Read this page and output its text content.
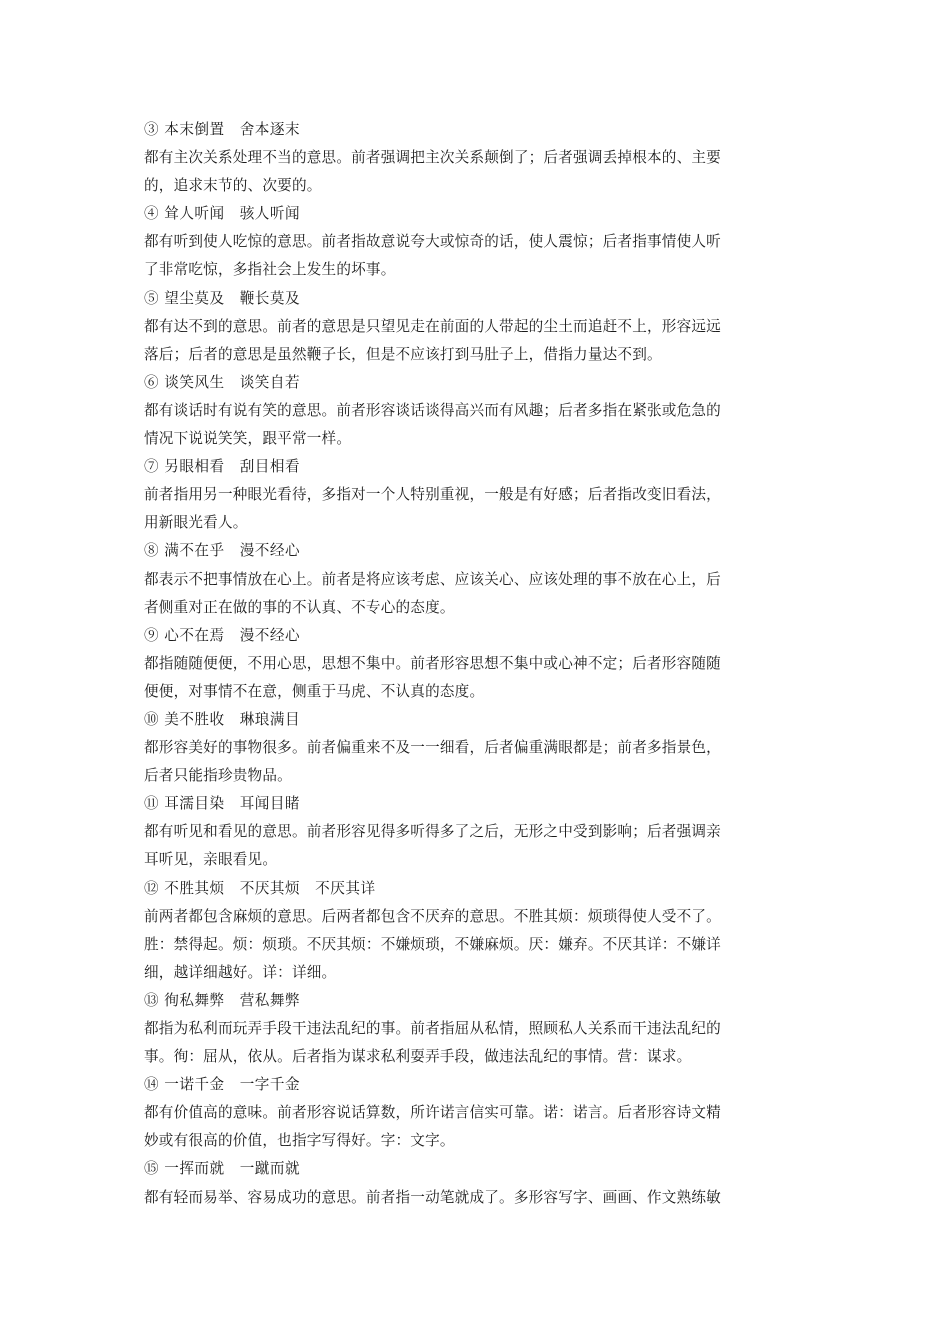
③ 本末倒置　舍本逐末
都有主次关系处理不当的意思。前者强调把主次关系颠倒了；后者强调丢掉根本的、主要
的，追求末节的、次要的。
④ 耸人听闻　骇人听闻
都有听到使人吃惊的意思。前者指故意说夸大或惊奇的话，使人震惊；后者指事情使人听
了非常吃惊，多指社会上发生的坏事。
⑤ 望尘莫及　鞭长莫及
都有达不到的意思。前者的意思是只望见走在前面的人带起的尘土而追赶不上，形容远远
落后；后者的意思是虽然鞭子长，但是不应该打到马肚子上，借指力量达不到。
⑥ 谈笑风生　谈笑自若
都有谈话时有说有笑的意思。前者形容谈话谈得高兴而有风趣；后者多指在紧张或危急的
情况下说说笑笑，跟平常一样。
⑦ 另眼相看　刮目相看
前者指用另一种眼光看待，多指对一个人特别重视，一般是有好感；后者指改变旧看法，
用新眼光看人。
⑧ 满不在乎　漫不经心
都表示不把事情放在心上。前者是将应该考虑、应该关心、应该处理的事不放在心上，后
者侧重对正在做的事的不认真、不专心的态度。
⑨ 心不在焉　漫不经心
都指随随便便，不用心思，思想不集中。前者形容思想不集中或心神不定；后者形容随随
便便，对事情不在意，侧重于马虎、不认真的态度。
⑩ 美不胜收　琳琅满目
都形容美好的事物很多。前者偏重来不及一一细看，后者偏重满眼都是；前者多指景色，
后者只能指珍贵物品。
⑪ 耳濡目染　耳闻目睹
都有听见和看见的意思。前者形容见得多听得多了之后，无形之中受到影响；后者强调亲
耳听见，亲眼看见。
⑫ 不胜其烦　不厌其烦　不厌其详
前两者都包含麻烦的意思。后两者都包含不厌弃的意思。不胜其烦：烦琐得使人受不了。
胜：禁得起。烦：烦琐。不厌其烦：不嫌烦琐，不嫌麻烦。厌：嫌弃。不厌其详：不嫌详
细，越详细越好。详：详细。
⑬ 徇私舞弊　营私舞弊
都指为私利而玩弄手段干违法乱纪的事。前者指屈从私情，照顾私人关系而干违法乱纪的
事。徇：屈从，依从。后者指为谋求私利耍弄手段，做违法乱纪的事情。营：谋求。
⑭ 一诺千金　一字千金
都有价值高的意味。前者形容说话算数，所许诺言信实可靠。诺：诺言。后者形容诗文精
妙或有很高的价值，也指字写得好。字：文字。
⑮ 一挥而就　一蹴而就
都有轻而易举、容易成功的意思。前者指一动笔就成了。多形容写字、画画、作文熟练敏
